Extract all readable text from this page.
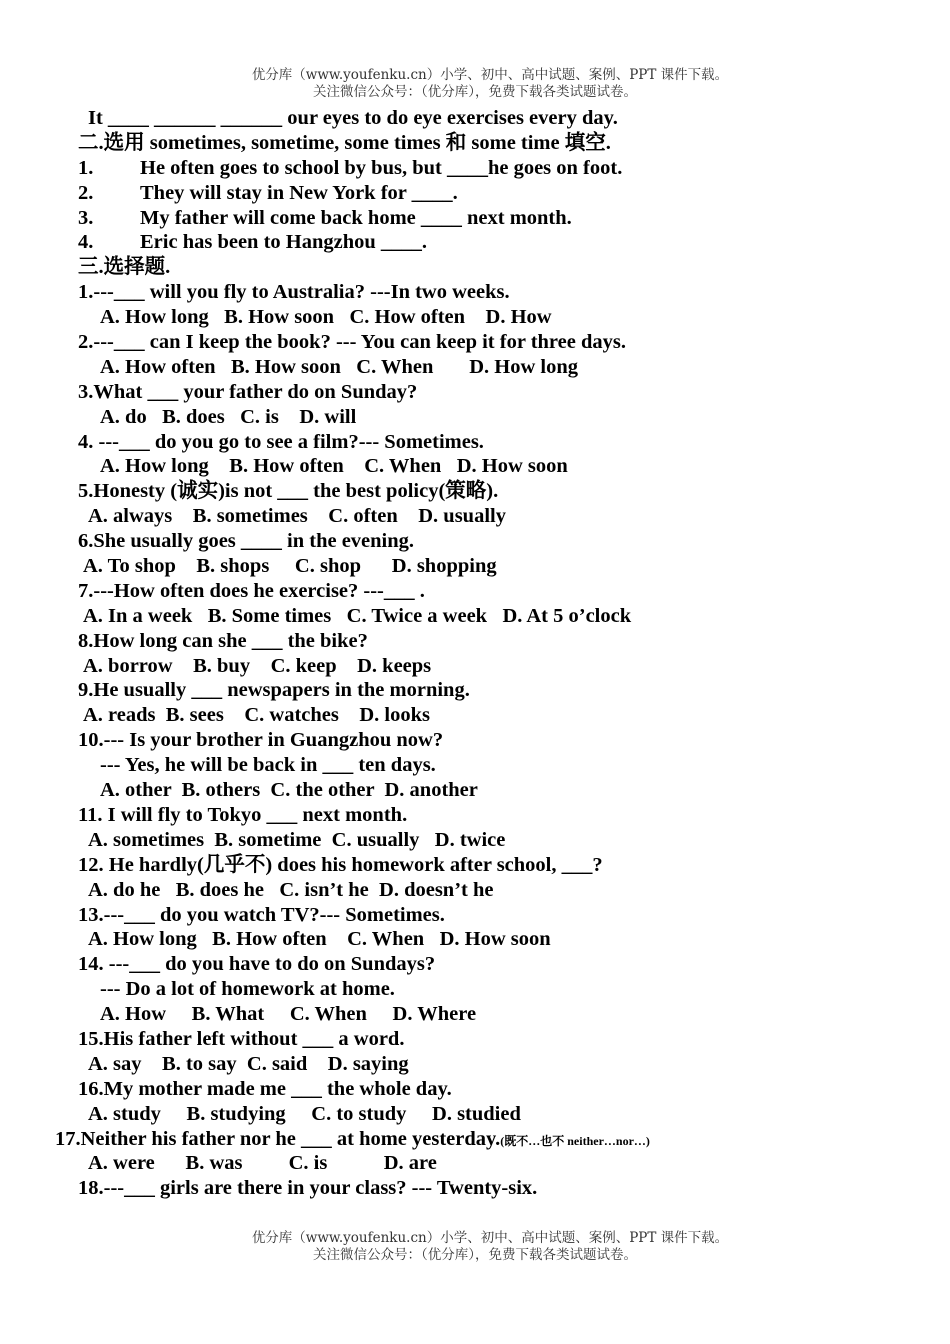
优分库（www.youfenku.cn）小学、初中、高中试题、案例、PPT 课件下载。
关注微信公众号：（优分库），免费下载各类试题试卷。
It ____ ______ ______ our eyes to do eye exercises every day.
二.选用 sometimes, sometime, some times 和 some time 填空.
1. He often goes to school by bus, but ____he goes on foot.
2. They will stay in New York for ____.
3. My father will come back home ____ next month.
4. Eric has been to Hangzhou ____.
三.选择题.
1.---___ will you fly to Australia? ---In two weeks.
A. How long   B. How soon   C. How often    D. How
2.---___ can I keep the book? --- You can keep it for three days.
A. How often   B. How soon   C. When       D. How long
3.What ___ your father do on Sunday?
A. do   B. does   C. is    D. will
4. ---___ do you go to see a film?--- Sometimes.
A. How long    B. How often    C. When   D. How soon
5.Honesty (诚实)is not ___ the best policy(策略).
A. always    B. sometimes    C. often    D. usually
6.She usually goes ____ in the evening.
A. To shop    B. shops     C. shop      D. shopping
7.---How often does he exercise? ---___ .
A. In a week   B. Some times   C. Twice a week   D. At 5 o’clock
8.How long can she ___ the bike?
A. borrow    B. buy    C. keep    D. keeps
9.He usually ___ newspapers in the morning.
A. reads  B. sees    C. watches    D. looks
10.--- Is your brother in Guangzhou now?
--- Yes, he will be back in ___ ten days.
A. other  B. others  C. the other  D. another
11. I will fly to Tokyo ___ next month.
A. sometimes  B. sometime  C. usually   D. twice
12. He hardly(几乎不) does his homework after school, ___?
A. do he   B. does he   C. isn’t he  D. doesn’t he
13.---___ do you watch TV?--- Sometimes.
A. How long   B. How often    C. When   D. How soon
14. ---___ do you have to do on Sundays?
--- Do a lot of homework at home.
A. How     B. What     C. When     D. Where
15.His father left without ___ a word.
A. say    B. to say  C. said    D. saying
16.My mother made me ___ the whole day.
A. study     B. studying     C. to study     D. studied
17.Neither his father nor he ___ at home yesterday.(既不…也不 neither…nor…)
A. were      B. was         C. is           D. are
18.---___ girls are there in your class? --- Twenty-six.
优分库（www.youfenku.cn）小学、初中、高中试题、案例、PPT 课件下载。
关注微信公众号：（优分库），免费下载各类试题试卷。
